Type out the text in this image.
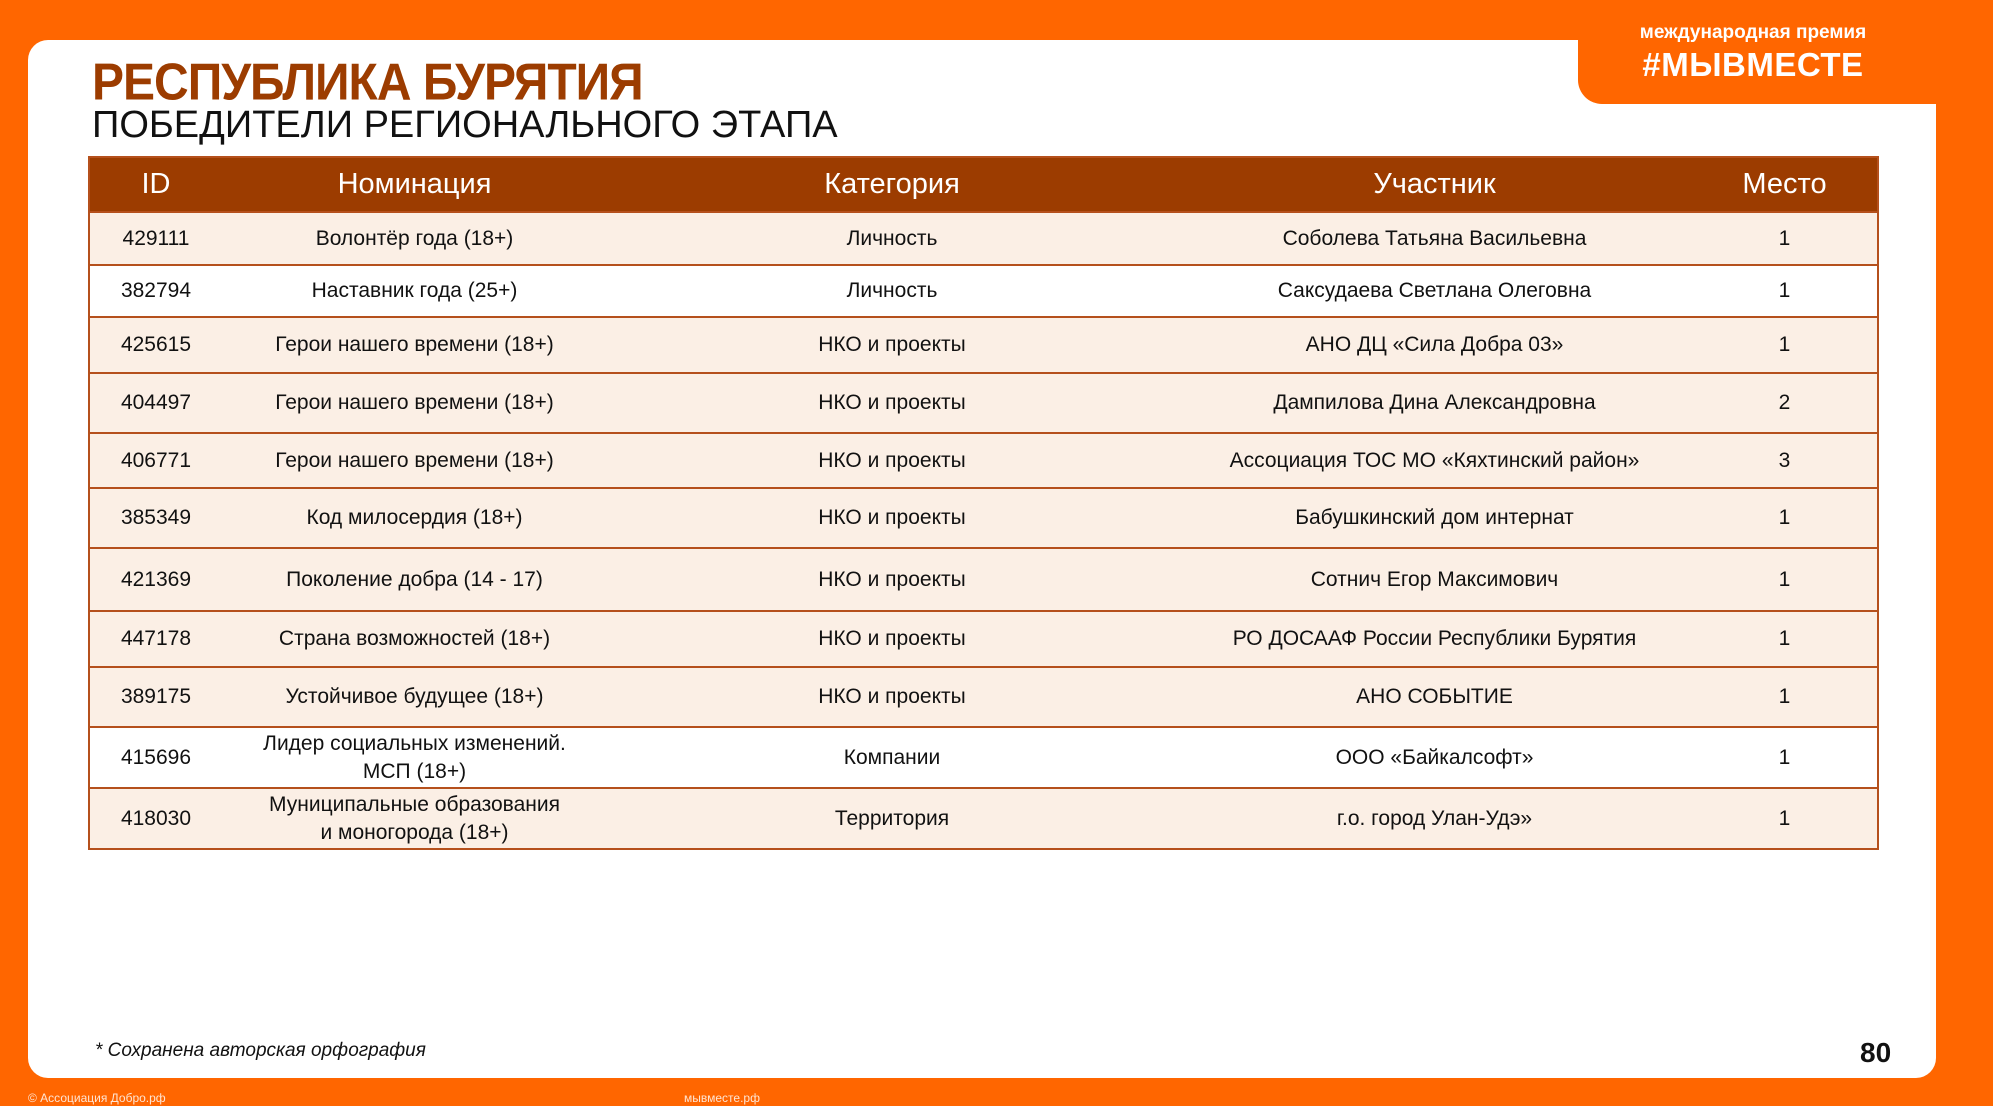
международная премия
#МЫВМЕСТЕ
РЕСПУБЛИКА БУРЯТИЯ
ПОБЕДИТЕЛИ РЕГИОНАЛЬНОГО ЭТАПА
ID	Номинация	Категория	Участник	Место
429111	Волонтёр года (18+)	Личность	Соболева Татьяна Васильевна	1
382794	Наставник года (25+)	Личность	Саксудаева Светлана Олеговна	1
425615	Герои нашего времени (18+)	НКО и проекты	АНО ДЦ «Сила Добра 03»	1
404497	Герои нашего времени (18+)	НКО и проекты	Дампилова Дина Александровна	2
406771	Герои нашего времени (18+)	НКО и проекты	Ассоциация ТОС МО «Кяхтинский район»	3
385349	Код милосердия (18+)	НКО и проекты	Бабушкинский дом интернат	1
421369	Поколение добра (14 - 17)	НКО и проекты	Сотнич Егор Максимович	1
447178	Страна возможностей (18+)	НКО и проекты	РО ДОСААФ России Республики Бурятия	1
389175	Устойчивое будущее (18+)	НКО и проекты	АНО СОБЫТИЕ	1
415696	Лидер социальных изменений.
МСП (18+)	Компании	ООО «Байкалсофт»	1
418030	Муниципальные образования
и моногорода (18+)	Территория	г.о. город Улан-Удэ»	1
* Сохранена авторская орфография	80
© Ассоциация Добро.рф	мывместе.рф
